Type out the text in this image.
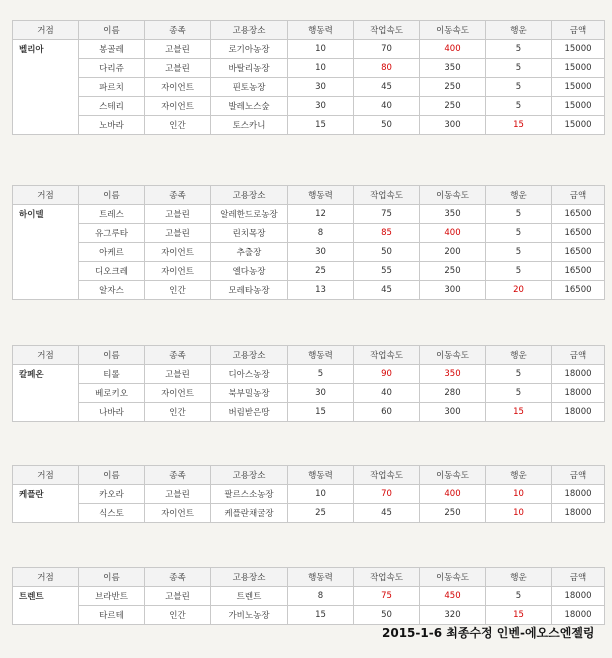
거점	이름	종족	고용장소	행동력	작업속도	이동속도	행운	금액
벨리아	봉골레	고블린	로기아농장	10	70	400	5	15000
	다리쥬	고블린	바탈리농장	10	80	350	5	15000
	파르치	자이언트	핀토농장	30	45	250	5	15000
	스테리	자이언트	발레노스숲	30	40	250	5	15000
	노바라	인간	토스카니	15	50	300	15	15000
거점	이름	종족	고용장소	행동력	작업속도	이동속도	행운	금액
하이델	트레스	고블린	알레한드로농장	12	75	350	5	16500
	유그루타	고블린	린치목장	8	85	400	5	16500
	아케르	자이언트	추출장	30	50	200	5	16500
	디오크레	자이언트	엘다농장	25	55	250	5	16500
	알자스	인간	모레타농장	13	45	300	20	16500
거점	이름	종족	고용장소	행동력	작업속도	이동속도	행운	금액
칼페온	티롤	고블린	디아스농장	5	90	350	5	18000
	베로키오	자이언트	북부밀농장	30	40	280	5	18000
	나바라	인간	버림받은땅	15	60	300	15	18000
거점	이름	종족	고용장소	행동력	작업속도	이동속도	행운	금액
케플란	카오라	고블린	팔르스소농장	10	70	400	10	18000
	식스토	자이언트	케플란채굴장	25	45	250	10	18000
거점	이름	종족	고용장소	행동력	작업속도	이동속도	행운	금액
트렌트	브라반트	고블린	트렌트	8	75	450	5	18000
	타르테	인간	가비노농장	15	50	320	15	18000
2015-1-6 최종수정 인벤-에오스엔젤링
